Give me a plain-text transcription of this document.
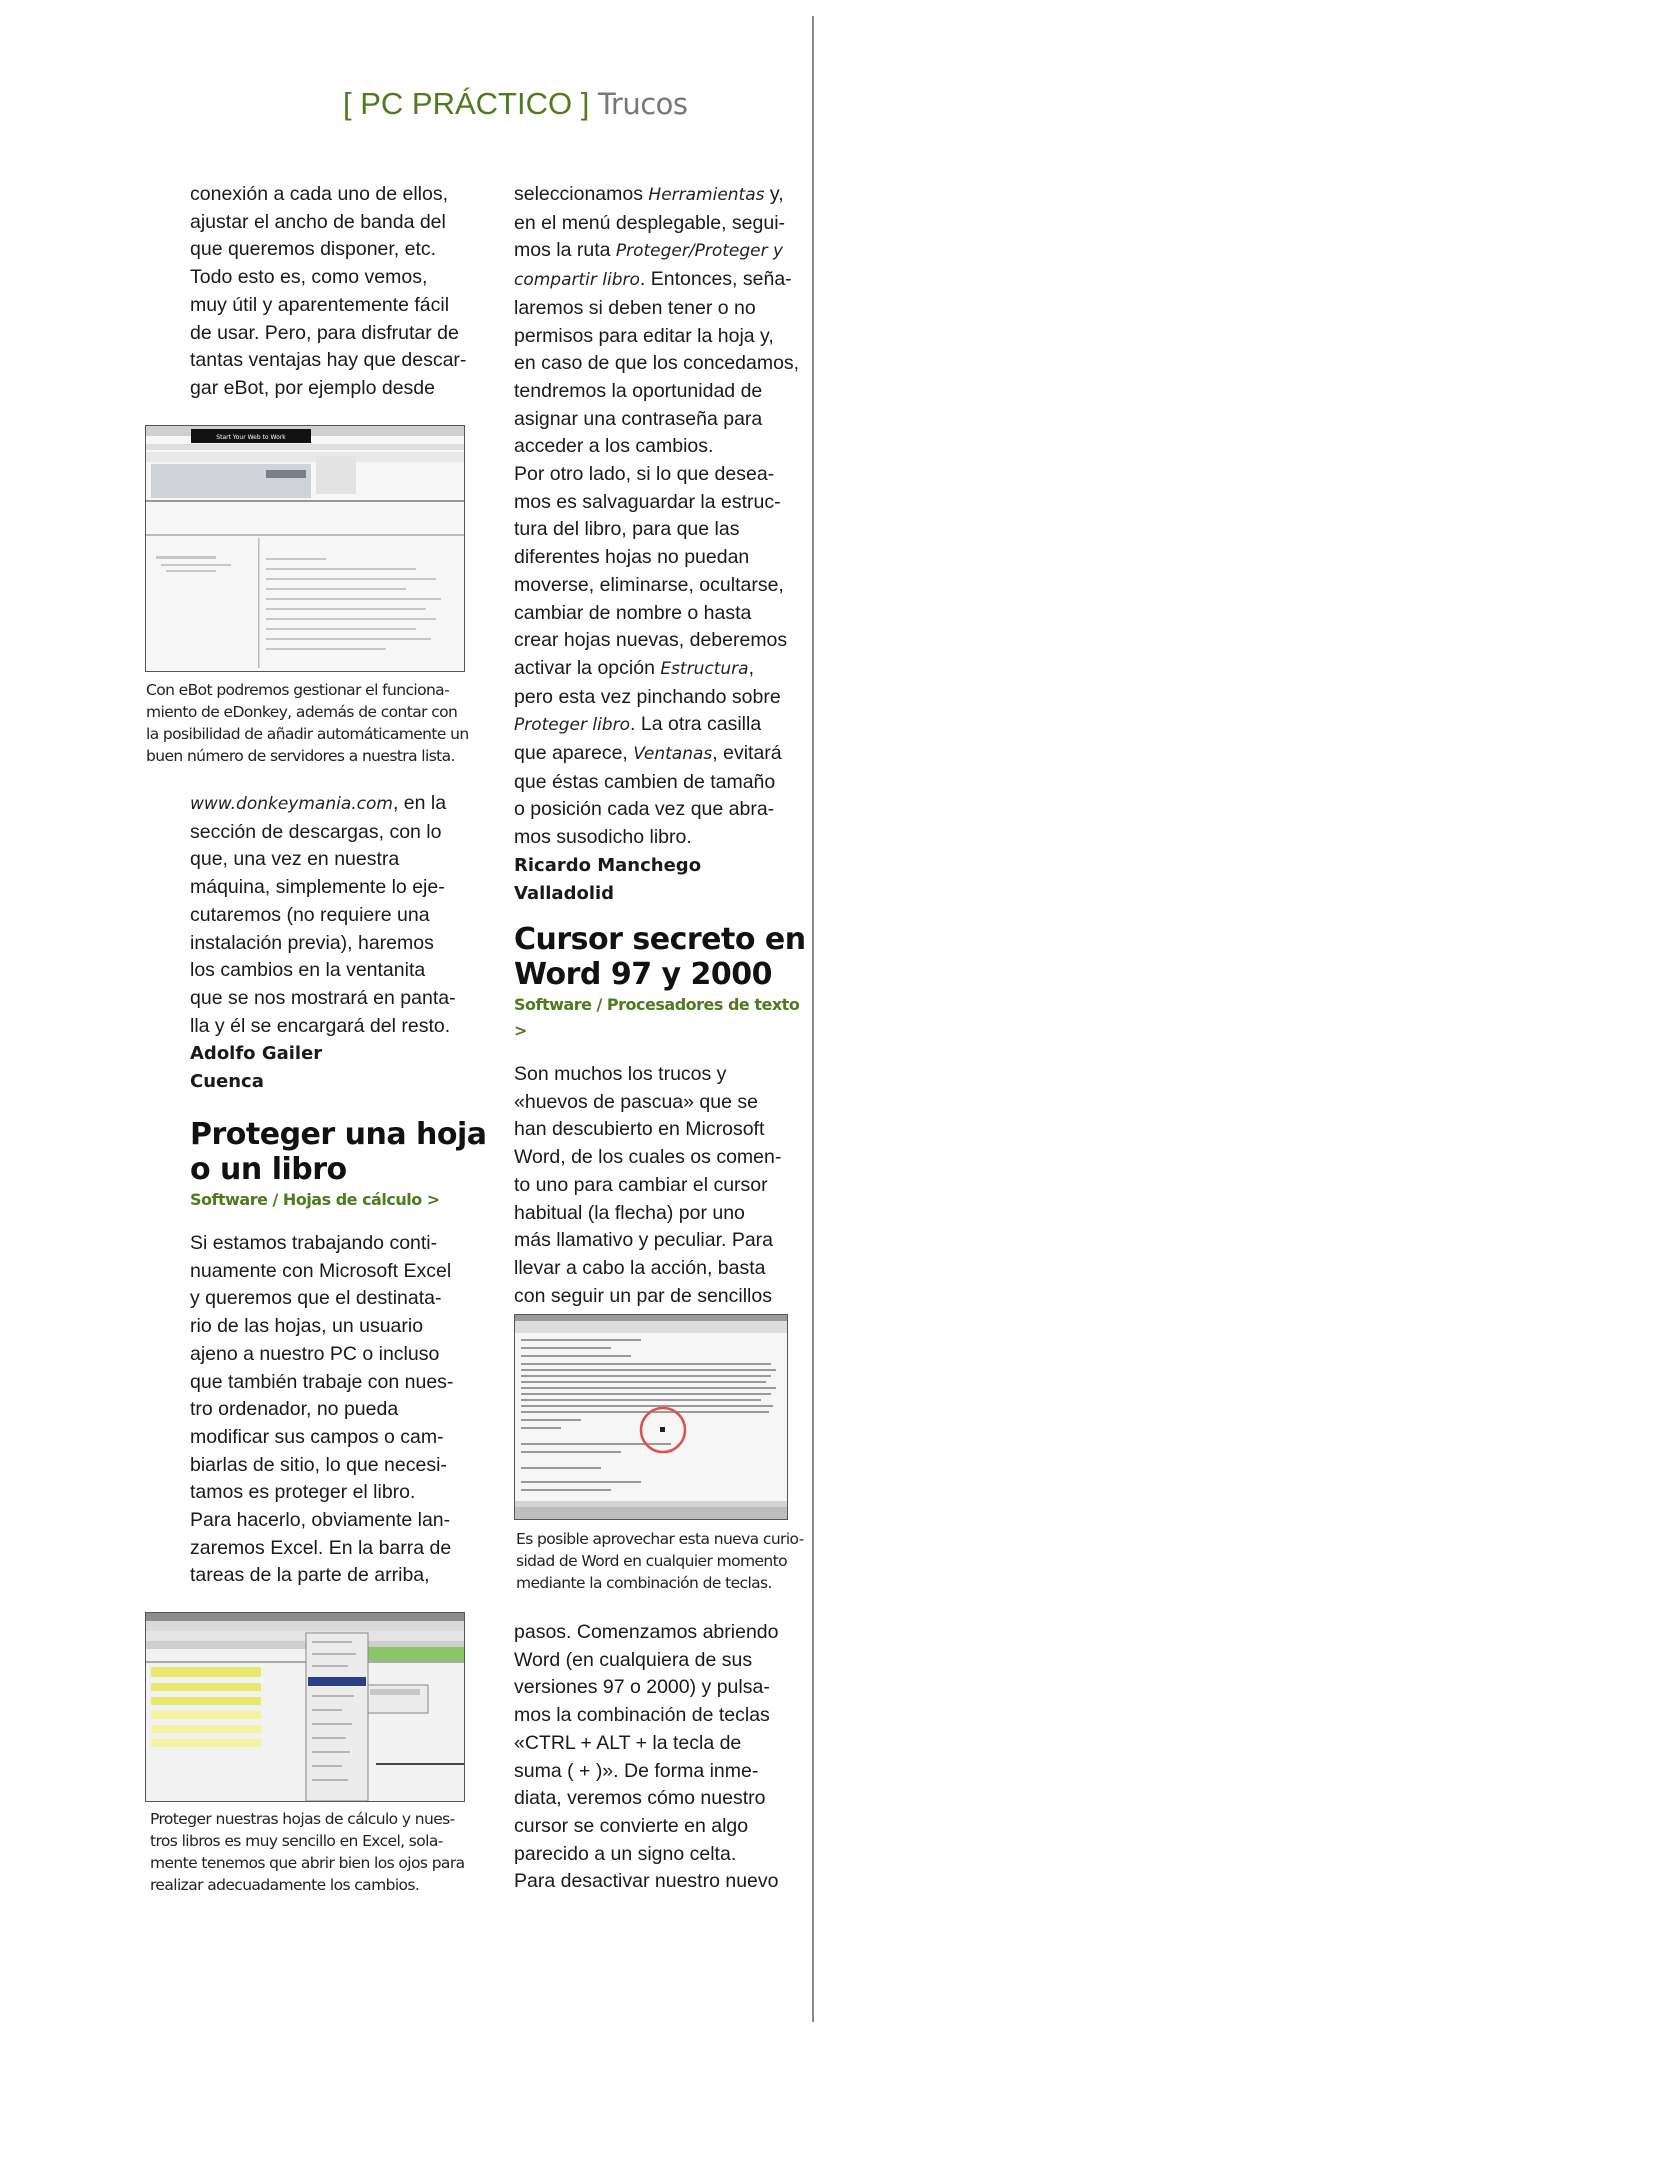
[ PC PRÁCTICO ] Trucos

conexión a cada uno de ellos,

ajustar el ancho de banda del

que queremos disponer, etc.

Todo esto es, como vemos,

muy útil y aparentemente fácil

de usar. Pero, para disfrutar de

tantas ventajas hay que descar-

gar eBot, por ejemplo desde

Start Your Web to Work
Con eBot podremos gestionar el funciona-
miento de eDonkey, además de contar con
la posibilidad de añadir automáticamente un
buen número de servidores a nuestra lista.

www.donkeymania.com, en la

sección de descargas, con lo

que, una vez en nuestra

máquina, simplemente lo eje-

cutaremos (no requiere una

instalación previa), haremos

los cambios en la ventanita

que se nos mostrará en panta-

lla y él se encargará del resto.

Adolfo Gailer

Cuenca

Proteger una hoja
o un libro
Software / Hojas de cálculo >

Si estamos trabajando conti-

nuamente con Microsoft Excel

y queremos que el destinata-

rio de las hojas, un usuario

ajeno a nuestro PC o incluso

que también trabaje con nues-

tro ordenador, no pueda

modificar sus campos o cam-

biarlas de sitio, lo que necesi-

tamos es proteger el libro.

Para hacerlo, obviamente lan-

zaremos Excel. En la barra de

tareas de la parte de arriba,

Proteger nuestras hojas de cálculo y nues-
tros libros es muy sencillo en Excel, sola-
mente tenemos que abrir bien los ojos para
realizar adecuadamente los cambios.

seleccionamos Herramientas y,

en el menú desplegable, segui-

mos la ruta Proteger/Proteger y

compartir libro. Entonces, seña-

laremos si deben tener o no

permisos para editar la hoja y,

en caso de que los concedamos,

tendremos la oportunidad de

asignar una contraseña para

acceder a los cambios.

Por otro lado, si lo que desea-

mos es salvaguardar la estruc-

tura del libro, para que las

diferentes hojas no puedan

moverse, eliminarse, ocultarse,

cambiar de nombre o hasta

crear hojas nuevas, deberemos

activar la opción Estructura,

pero esta vez pinchando sobre

Proteger libro. La otra casilla

que aparece, Ventanas, evitará

que éstas cambien de tamaño

o posición cada vez que abra-

mos susodicho libro.

Ricardo Manchego

Valladolid

Cursor secreto en
Word 97 y 2000
Software / Procesadores de texto >

Son muchos los trucos y

«huevos de pascua» que se

han descubierto en Microsoft

Word, de los cuales os comen-

to uno para cambiar el cursor

habitual (la flecha) por uno

más llamativo y peculiar. Para

llevar a cabo la acción, basta

con seguir un par de sencillos

Es posible aprovechar esta nueva curio-
sidad de Word en cualquier momento
mediante la combinación de teclas.

pasos. Comenzamos abriendo

Word (en cualquiera de sus

versiones 97 o 2000) y pulsa-

mos la combinación de teclas

«CTRL + ALT + la tecla de

suma ( + )». De forma inme-

diata, veremos cómo nuestro

cursor se convierte en algo

parecido a un signo celta.

Para desactivar nuestro nuevo
